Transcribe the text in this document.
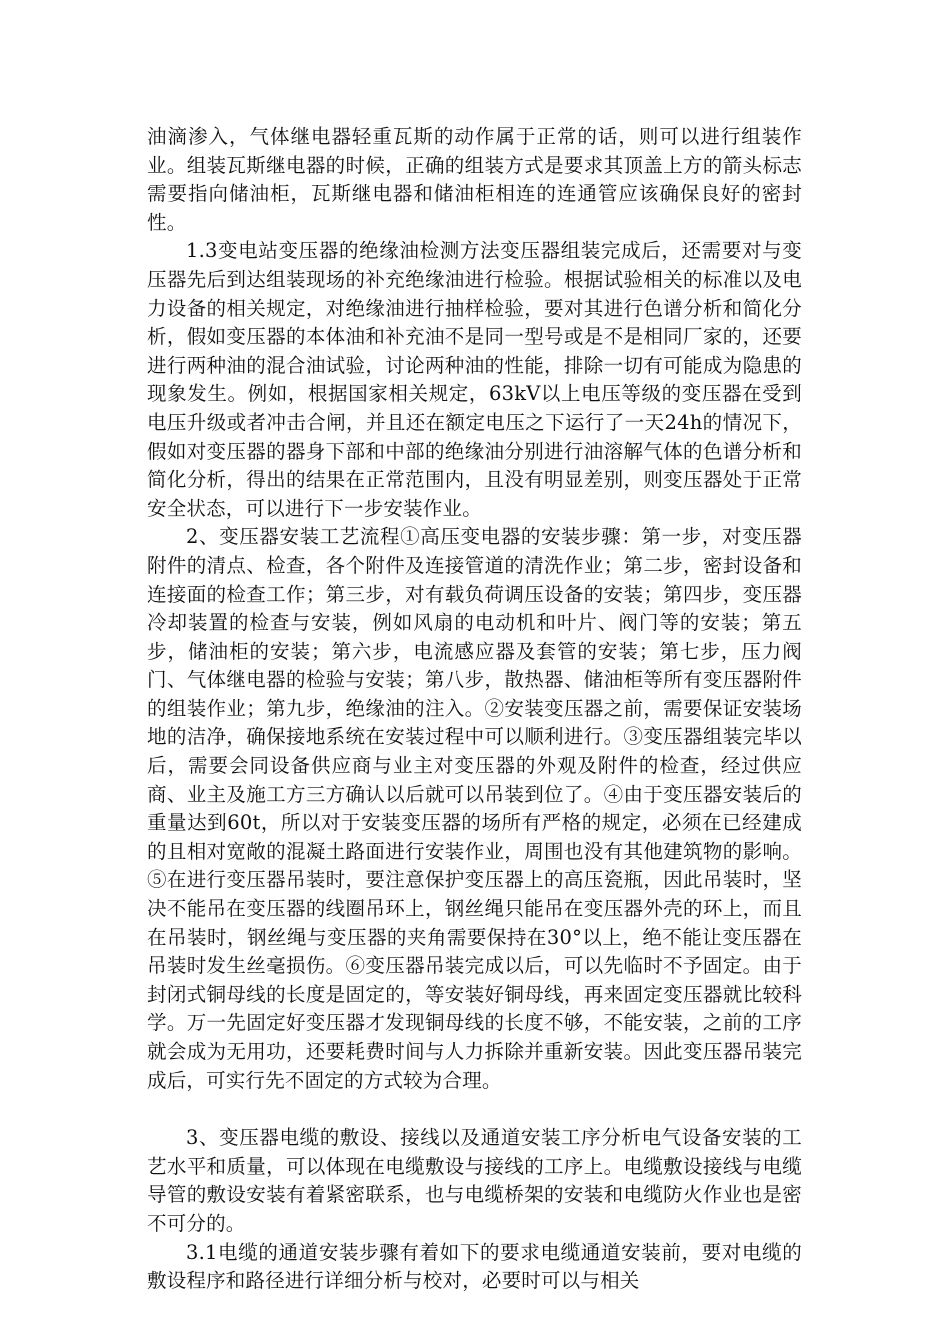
油滴渗入，气体继电器轻重瓦斯的动作属于正常的话，则可以进行组装作业。组装瓦斯继电器的时候，正确的组装方式是要求其顶盖上方的箭头标志需要指向储油柜，瓦斯继电器和储油柜相连的连通管应该确保良好的密封性。

1.3变电站变压器的绝缘油检测方法变压器组装完成后，还需要对与变压器先后到达组装现场的补充绝缘油进行检验。根据试验相关的标准以及电力设备的相关规定，对绝缘油进行抽样检验，要对其进行色谱分析和简化分析，假如变压器的本体油和补充油不是同一型号或是不是相同厂家的，还要进行两种油的混合油试验，讨论两种油的性能，排除一切有可能成为隐患的现象发生。例如，根据国家相关规定，63kV以上电压等级的变压器在受到电压升级或者冲击合闸，并且还在额定电压之下运行了一天24h的情况下，假如对变压器的器身下部和中部的绝缘油分别进行油溶解气体的色谱分析和简化分析，得出的结果在正常范围内，且没有明显差别，则变压器处于正常安全状态，可以进行下一步安装作业。

2、变压器安装工艺流程①高压变电器的安装步骤：第一步，对变压器附件的清点、检查，各个附件及连接管道的清洗作业；第二步，密封设备和连接面的检查工作；第三步，对有载负荷调压设备的安装；第四步，变压器冷却装置的检查与安装，例如风扇的电动机和叶片、阀门等的安装；第五步，储油柜的安装；第六步，电流感应器及套管的安装；第七步，压力阀门、气体继电器的检验与安装；第八步，散热器、储油柜等所有变压器附件的组装作业；第九步，绝缘油的注入。②安装变压器之前，需要保证安装场地的洁净，确保接地系统在安装过程中可以顺利进行。③变压器组装完毕以后，需要会同设备供应商与业主对变压器的外观及附件的检查，经过供应商、业主及施工方三方确认以后就可以吊装到位了。④由于变压器安装后的重量达到60t，所以对于安装变压器的场所有严格的规定，必须在已经建成的且相对宽敞的混凝土路面进行安装作业，周围也没有其他建筑物的影响。⑤在进行变压器吊装时，要注意保护变压器上的高压瓷瓶，因此吊装时，坚决不能吊在变压器的线圈吊环上，钢丝绳只能吊在变压器外壳的环上，而且在吊装时，钢丝绳与变压器的夹角需要保持在30°以上，绝不能让变压器在吊装时发生丝毫损伤。⑥变压器吊装完成以后，可以先临时不予固定。由于封闭式铜母线的长度是固定的，等安装好铜母线，再来固定变压器就比较科学。万一先固定好变压器才发现铜母线的长度不够，不能安装，之前的工序就会成为无用功，还要耗费时间与人力拆除并重新安装。因此变压器吊装完成后，可实行先不固定的方式较为合理。

3、变压器电缆的敷设、接线以及通道安装工序分析电气设备安装的工艺水平和质量，可以体现在电缆敷设与接线的工序上。电缆敷设接线与电缆导管的敷设安装有着紧密联系，也与电缆桥架的安装和电缆防火作业也是密不可分的。

3.1电缆的通道安装步骤有着如下的要求电缆通道安装前，要对电缆的敷设程序和路径进行详细分析与校对，必要时可以与相关
